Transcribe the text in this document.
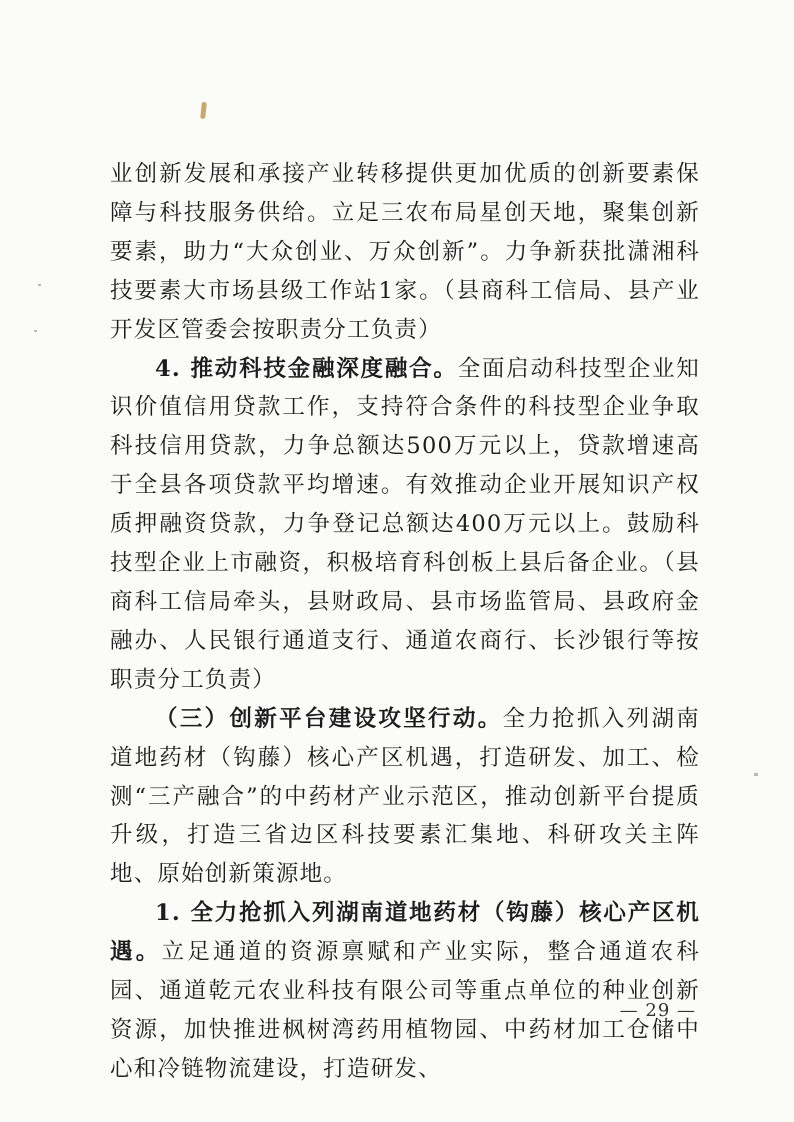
业创新发展和承接产业转移提供更加优质的创新要素保障与科技服务供给。立足三农布局星创天地，聚集创新要素，助力“大众创业、万众创新”。力争新获批潇湘科技要素大市场县级工作站1家。（县商科工信局、县产业开发区管委会按职责分工负责）

4. 推动科技金融深度融合。全面启动科技型企业知识价值信用贷款工作，支持符合条件的科技型企业争取科技信用贷款，力争总额达500万元以上，贷款增速高于全县各项贷款平均增速。有效推动企业开展知识产权质押融资贷款，力争登记总额达400万元以上。鼓励科技型企业上市融资，积极培育科创板上县后备企业。（县商科工信局牵头，县财政局、县市场监管局、县政府金融办、人民银行通道支行、通道农商行、长沙银行等按职责分工负责）

（三）创新平台建设攻坚行动。全力抢抓入列湖南道地药材（钩藤）核心产区机遇，打造研发、加工、检测“三产融合”的中药材产业示范区，推动创新平台提质升级，打造三省边区科技要素汇集地、科研攻关主阵地、原始创新策源地。

1. 全力抢抓入列湖南道地药材（钩藤）核心产区机遇。立足通道的资源禀赋和产业实际，整合通道农科园、通道乾元农业科技有限公司等重点单位的种业创新资源，加快推进枫树湾药用植物园、中药材加工仓储中心和冷链物流建设，打造研发、

— 29 —
